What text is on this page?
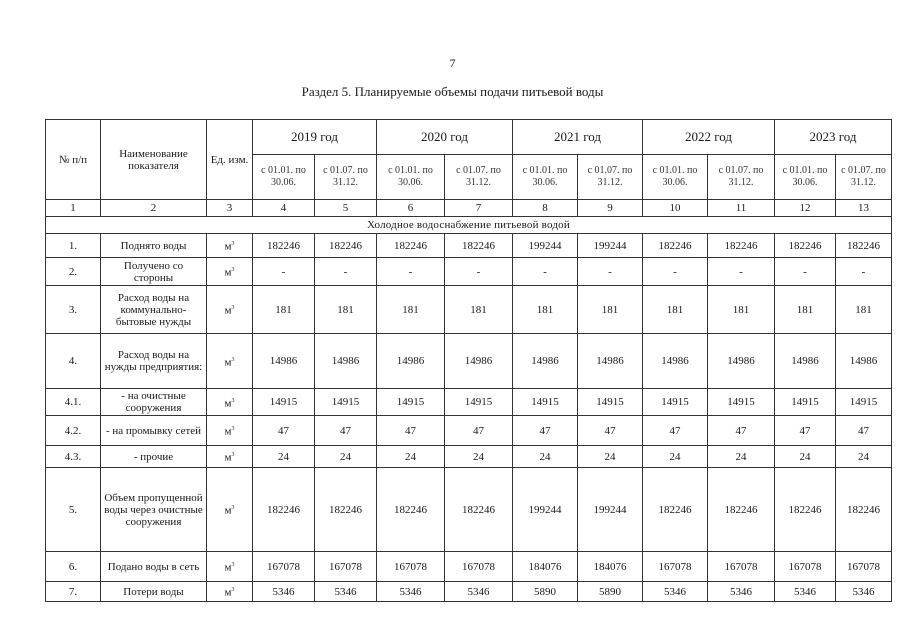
7
Раздел 5. Планируемые объемы подачи питьевой воды
№ п/п	Наименование показателя	Ед. изм.	2019 год		2020 год		2021 год		2022 год		2023 год	
			с 01.01. по 30.06.	с 01.07. по 31.12.	с 01.01. по 30.06.	с 01.07. по 31.12.	с 01.01. по 30.06.	с 01.07. по 31.12.	с 01.01. по 30.06.	с 01.07. по 31.12.	с 01.01. по 30.06.	с 01.07. по 31.12.
1	2	3	4	5	6	7	8	9	10	11	12	13
Холодное водоснабжение питьевой водой												
1.	Поднято воды	$м^3$	182246	182246	182246	182246	199244	199244	182246	182246	182246	182246
2.	Получено со стороны	$м^3$	-	-	-	-	-	-	-	-	-	-
3.	Расход воды на коммунально-бытовые нужды	$м^3$	181	181	181	181	181	181	181	181	181	181
4.	Расход воды на нужды предприятия:	$м^3$	14986	14986	14986	14986	14986	14986	14986	14986	14986	14986
4.1.	- на очистные сооружения	$м^3$	14915	14915	14915	14915	14915	14915	14915	14915	14915	14915
4.2.	- на промывку сетей	$м^3$	47	47	47	47	47	47	47	47	47	47
4.3.	- прочие	$м^3$	24	24	24	24	24	24	24	24	24	24
5.	Объем пропущенной воды через очистные сооружения	$м^3$	182246	182246	182246	182246	199244	199244	182246	182246	182246	182246
6.	Подано воды в сеть	$м^3$	167078	167078	167078	167078	184076	184076	167078	167078	167078	167078
7.	Потери воды	$м^3$	5346	5346	5346	5346	5890	5890	5346	5346	5346	5346
